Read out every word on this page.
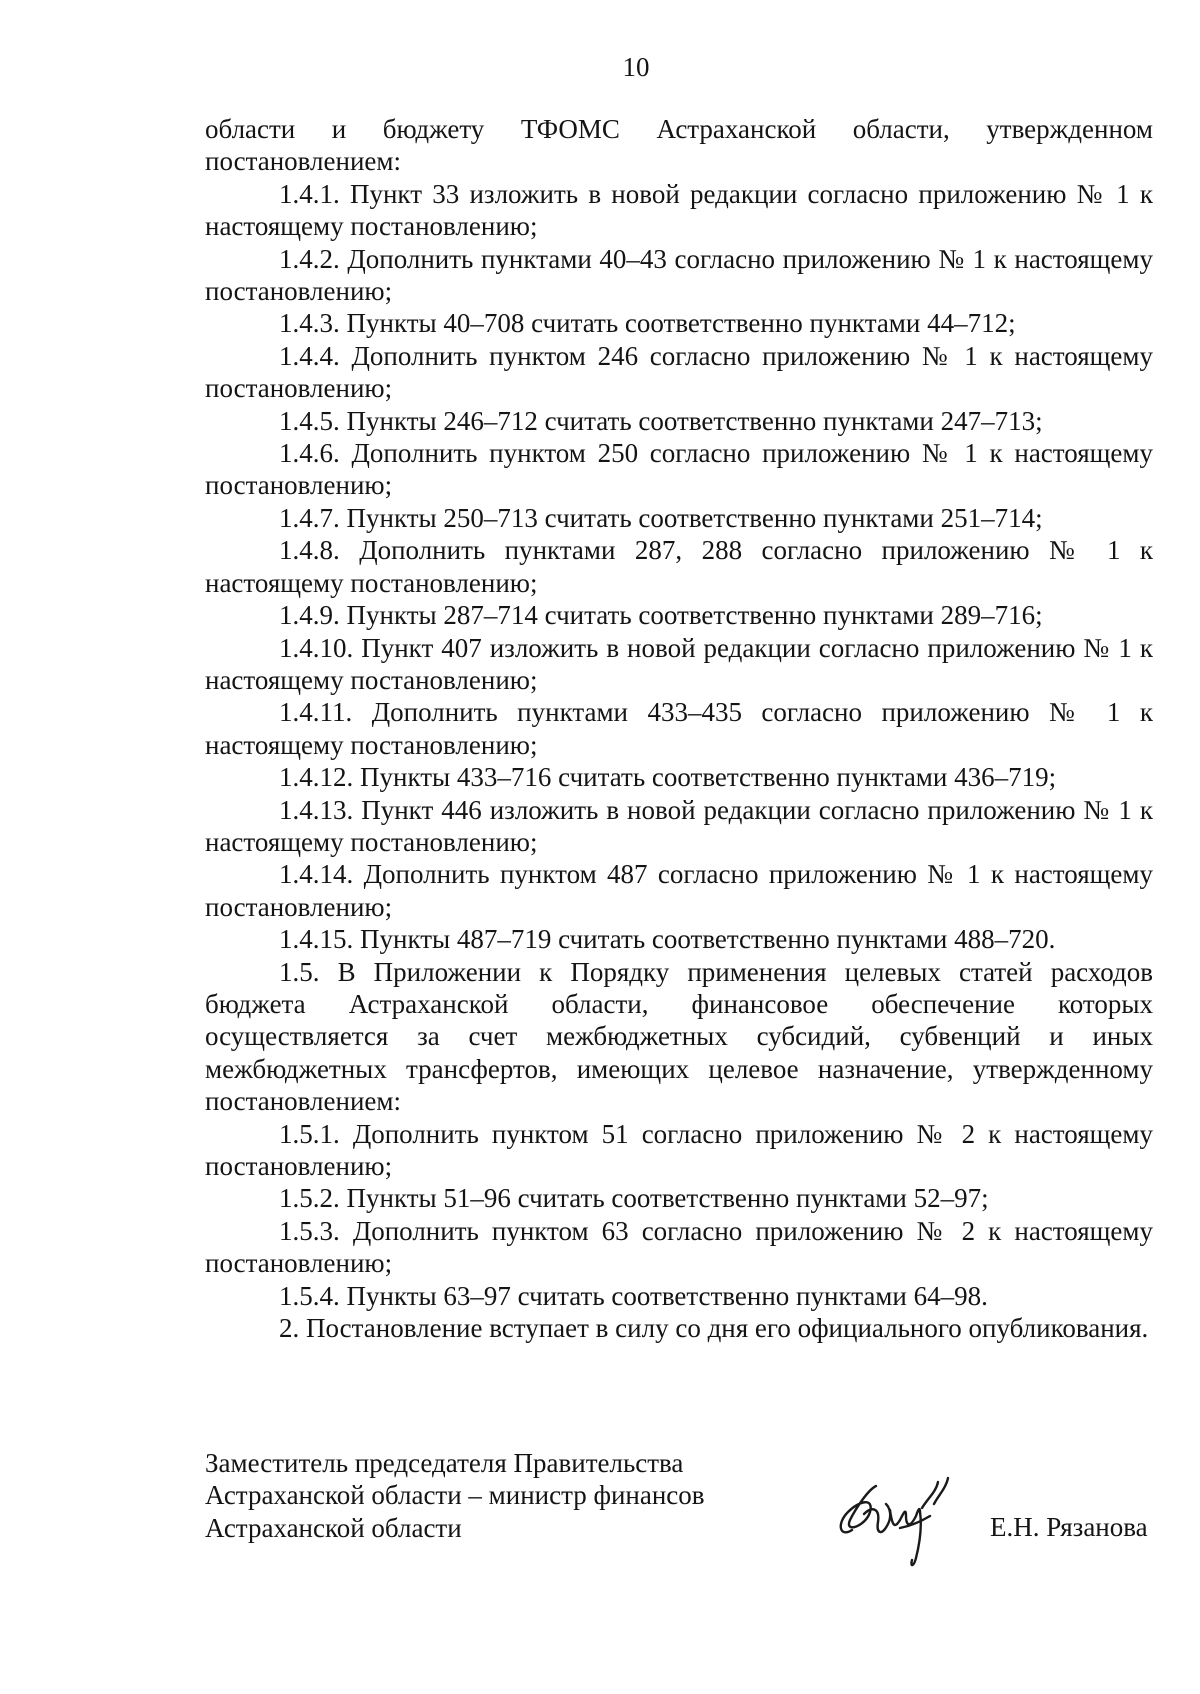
10

области и бюджету ТФОМС Астраханской области, утвержденном постановлением:

1.4.1. Пункт 33 изложить в новой редакции согласно приложению № 1 к настоящему постановлению;

1.4.2. Дополнить пунктами 40–43 согласно приложению № 1 к настоящему постановлению;

1.4.3. Пункты 40–708 считать соответственно пунктами 44–712;

1.4.4. Дополнить пунктом 246 согласно приложению № 1 к настоящему постановлению;

1.4.5. Пункты 246–712 считать соответственно пунктами 247–713;

1.4.6. Дополнить пунктом 250 согласно приложению № 1 к настоящему постановлению;

1.4.7. Пункты 250–713 считать соответственно пунктами 251–714;

1.4.8. Дополнить пунктами 287, 288 согласно приложению № 1 к настоящему постановлению;

1.4.9. Пункты 287–714 считать соответственно пунктами 289–716;

1.4.10. Пункт 407 изложить в новой редакции согласно приложению № 1 к настоящему постановлению;

1.4.11. Дополнить пунктами 433–435 согласно приложению № 1 к настоящему постановлению;

1.4.12. Пункты 433–716 считать соответственно пунктами 436–719;

1.4.13. Пункт 446 изложить в новой редакции согласно приложению № 1 к настоящему постановлению;

1.4.14. Дополнить пунктом 487 согласно приложению № 1 к настоящему постановлению;

1.4.15. Пункты 487–719 считать соответственно пунктами 488–720.

1.5. В Приложении к Порядку применения целевых статей расходов бюджета Астраханской области, финансовое обеспечение которых осуществляется за счет межбюджетных субсидий, субвенций и иных межбюджетных трансфертов, имеющих целевое назначение, утвержденному постановлением:

1.5.1. Дополнить пунктом 51 согласно приложению № 2 к настоящему постановлению;

1.5.2. Пункты 51–96 считать соответственно пунктами 52–97;

1.5.3. Дополнить пунктом 63 согласно приложению № 2 к настоящему постановлению;

1.5.4. Пункты 63–97 считать соответственно пунктами 64–98.

2. Постановление вступает в силу со дня его официального опубликования.

Заместитель председателя Правительства
Астраханской области – министр финансов
Астраханской области	Е.Н. Рязанова
